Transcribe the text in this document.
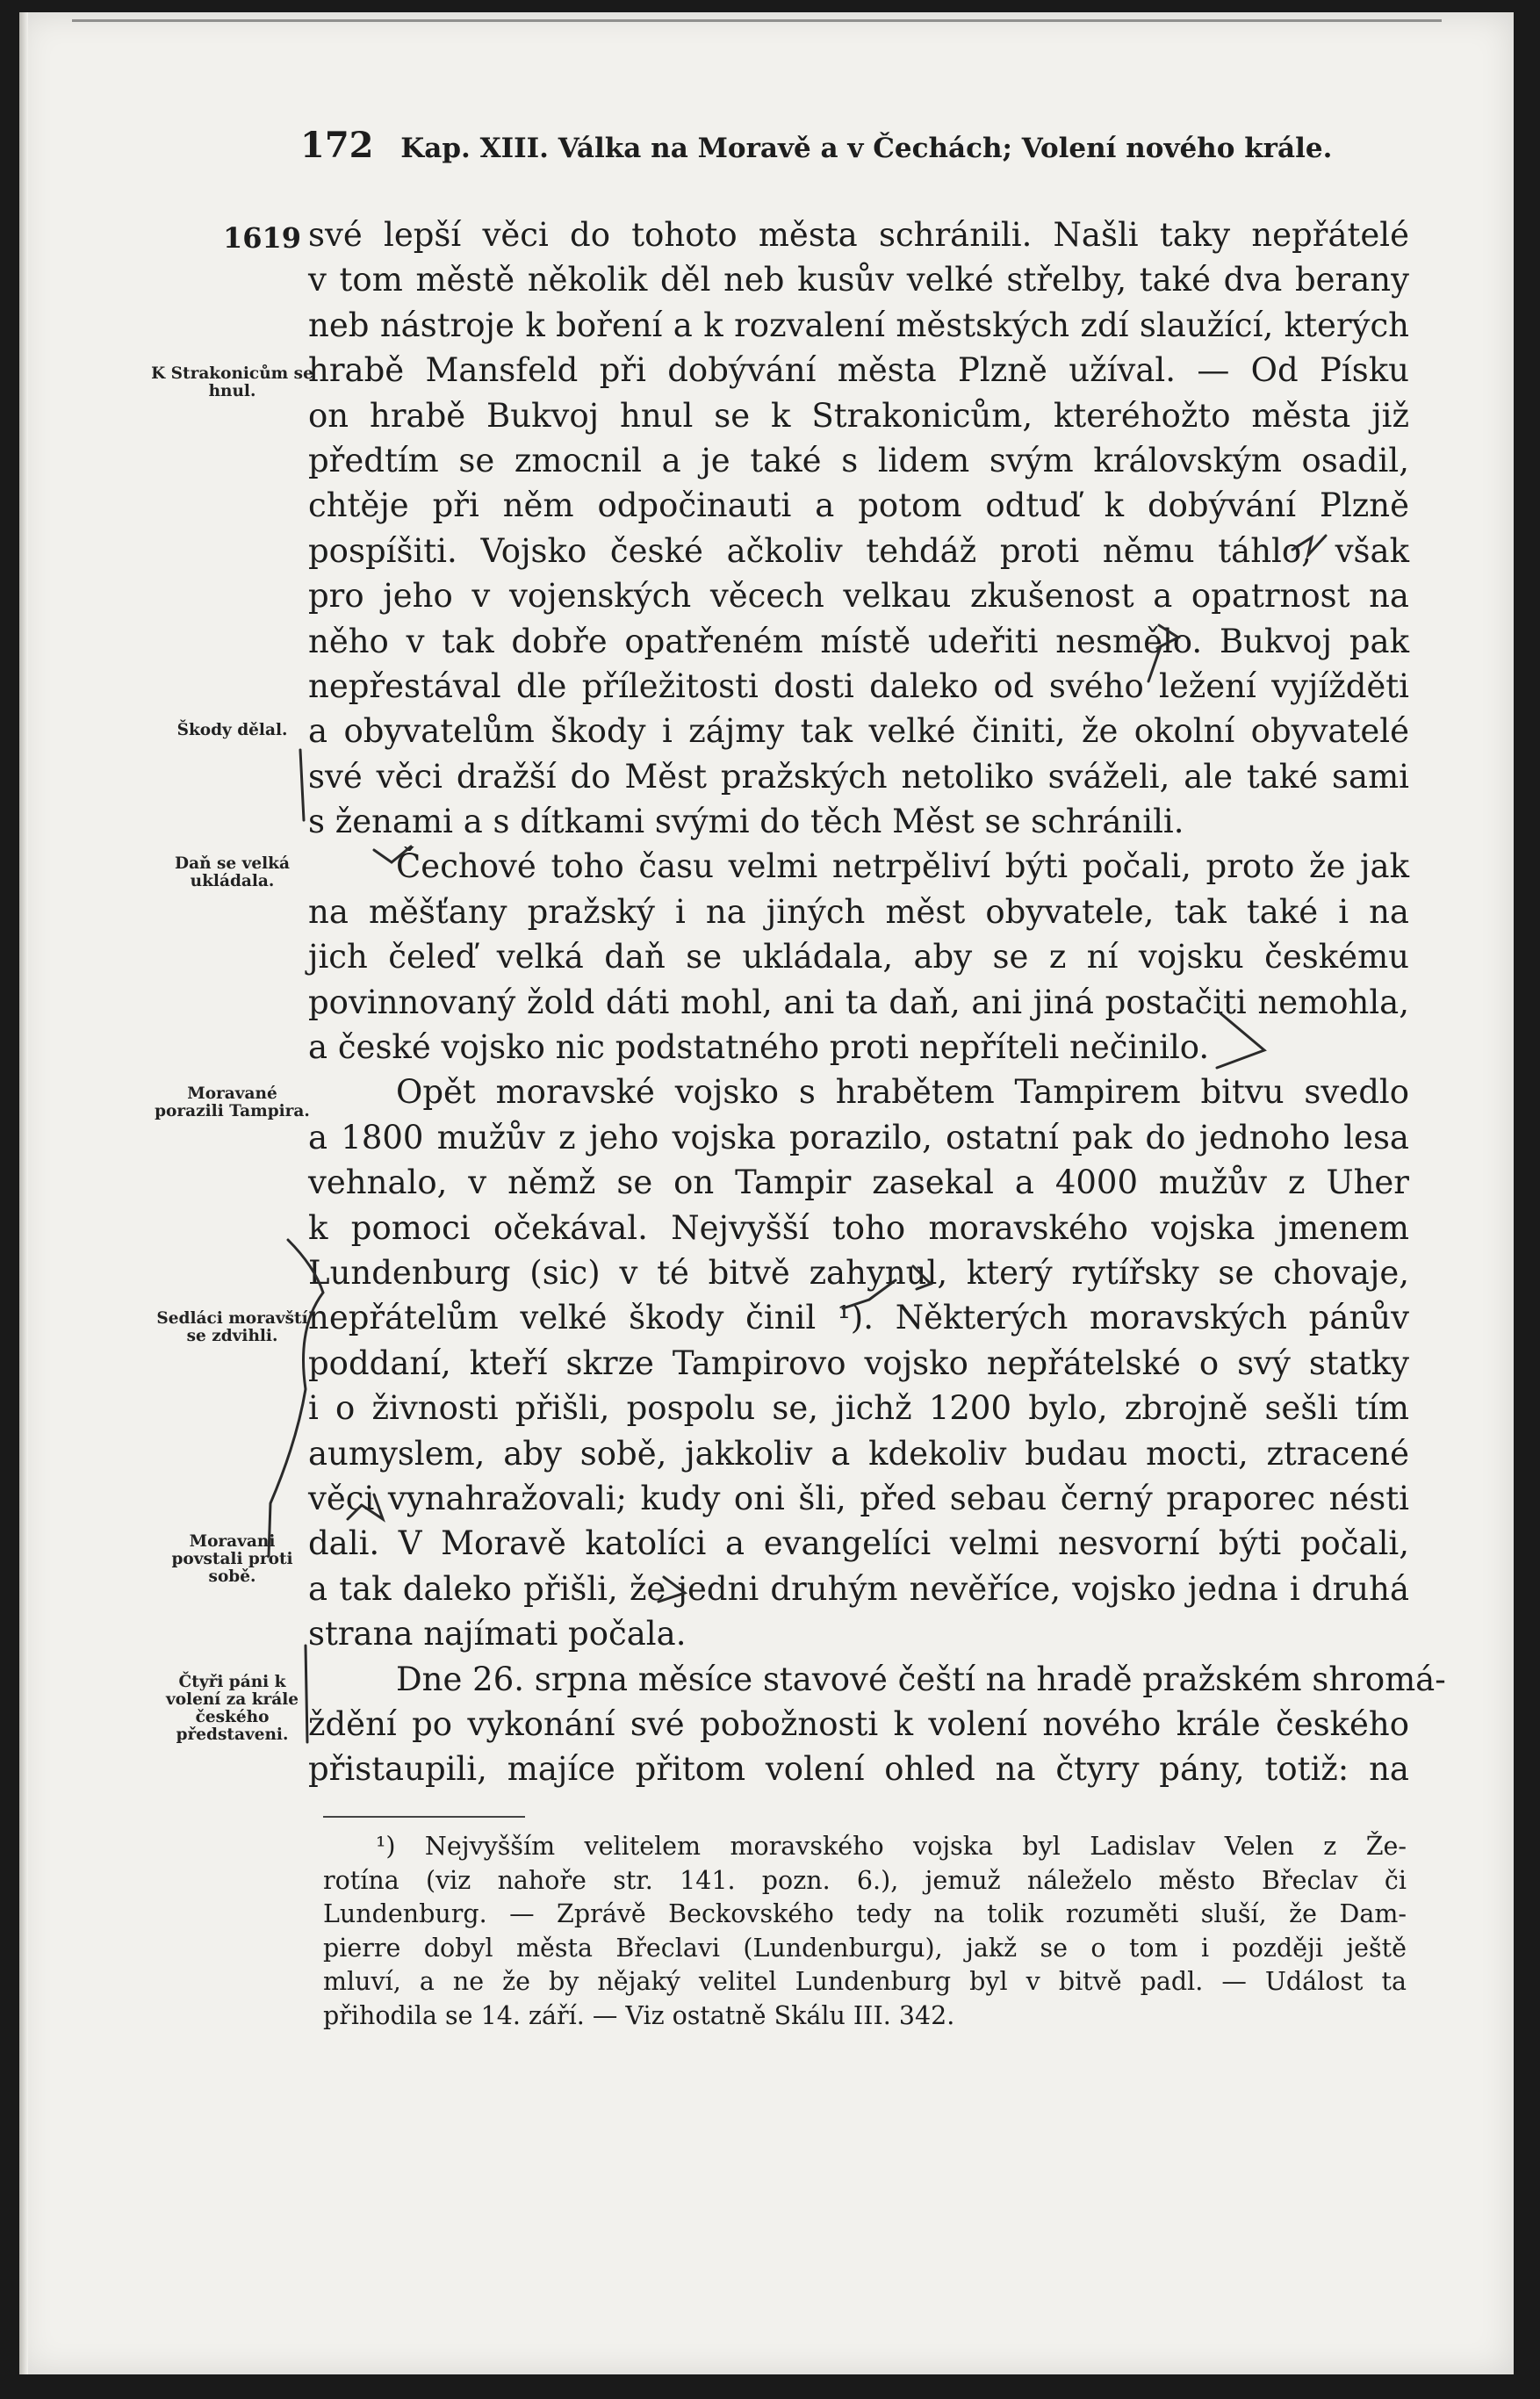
172 Kap. XIII. Válka na Moravě a v Čechách; Volení nového krále.
1619
K Strakonicům se hnul.
Škody dělal.
Daň se velká ukládala.
Moravané porazili Tampira.
Sedláci moravští se zdvihli.
Moravani povstali proti sobě.
Čtyři páni k volení za krále českého představeni.
své lepší věci do tohoto města schránili. Našli taky nepřátelé
v tom městě několik děl neb kusův velké střelby, také dva berany
neb nástroje k boření a k rozvalení městských zdí slaužící, kterých
hrabě Mansfeld při dobývání města Plzně užíval. — Od Písku
on hrabě Bukvoj hnul se k Strakonicům, kteréhožto města již
předtím se zmocnil a je také s lidem svým královským osadil,
chtěje při něm odpočinauti a potom odtuď k dobývání Plzně
pospíšiti. Vojsko české ačkoliv tehdáž proti němu táhlo, však
pro jeho v vojenských věcech velkau zkušenost a opatrnost na
něho v tak dobře opatřeném místě udeřiti nesmělo. Bukvoj pak
nepřestával dle příležitosti dosti daleko od svého ležení vyjížděti
a obyvatelům škody i zájmy tak velké činiti, že okolní obyvatelé
své věci dražší do Měst pražských netoliko sváželi, ale také sami
s ženami a s dítkami svými do těch Měst se schránili.
Čechové toho času velmi netrpěliví býti počali, proto že jak
na měšťany pražský i na jiných měst obyvatele, tak také i na
jich čeleď velká daň se ukládala, aby se z ní vojsku českému
povinnovaný žold dáti mohl, ani ta daň, ani jiná postačiti nemohla,
a české vojsko nic podstatného proti nepříteli nečinilo.
Opět moravské vojsko s hrabětem Tampirem bitvu svedlo
a 1800 mužův z jeho vojska porazilo, ostatní pak do jednoho lesa
vehnalo, v němž se on Tampir zasekal a 4000 mužův z Uher
k pomoci očekával. Nejvyšší toho moravského vojska jmenem
Lundenburg (sic) v té bitvě zahynul, který rytířsky se chovaje,
nepřátelům velké škody činil ¹). Některých moravských pánův
poddaní, kteří skrze Tampirovo vojsko nepřátelské o svý statky
i o živnosti přišli, pospolu se, jichž 1200 bylo, zbrojně sešli tím
aumyslem, aby sobě, jakkoliv a kdekoliv budau mocti, ztracené
věci vynahražovali; kudy oni šli, před sebau černý praporec nésti
dali. V Moravě katolíci a evangelíci velmi nesvorní býti počali,
a tak daleko přišli, že jedni druhým nevěříce, vojsko jedna i druhá
strana najímati počala.
Dne 26. srpna měsíce stavové čeští na hradě pražském shromá-
ždění po vykonání své pobožnosti k volení nového krále českého
přistaupili, majíce přitom volení ohled na čtyry pány, totiž: na
¹) Nejvyšším velitelem moravského vojska byl Ladislav Velen z Že-
rotína (viz nahoře str. 141. pozn. 6.), jemuž náleželo město Břeclav či
Lundenburg. — Zprávě Beckovského tedy na tolik rozuměti sluší, že Dam-
pierre dobyl města Břeclavi (Lundenburgu), jakž se o tom i později ještě
mluví, a ne že by nějaký velitel Lundenburg byl v bitvě padl. — Událost ta
přihodila se 14. září. — Viz ostatně Skálu III. 342.
